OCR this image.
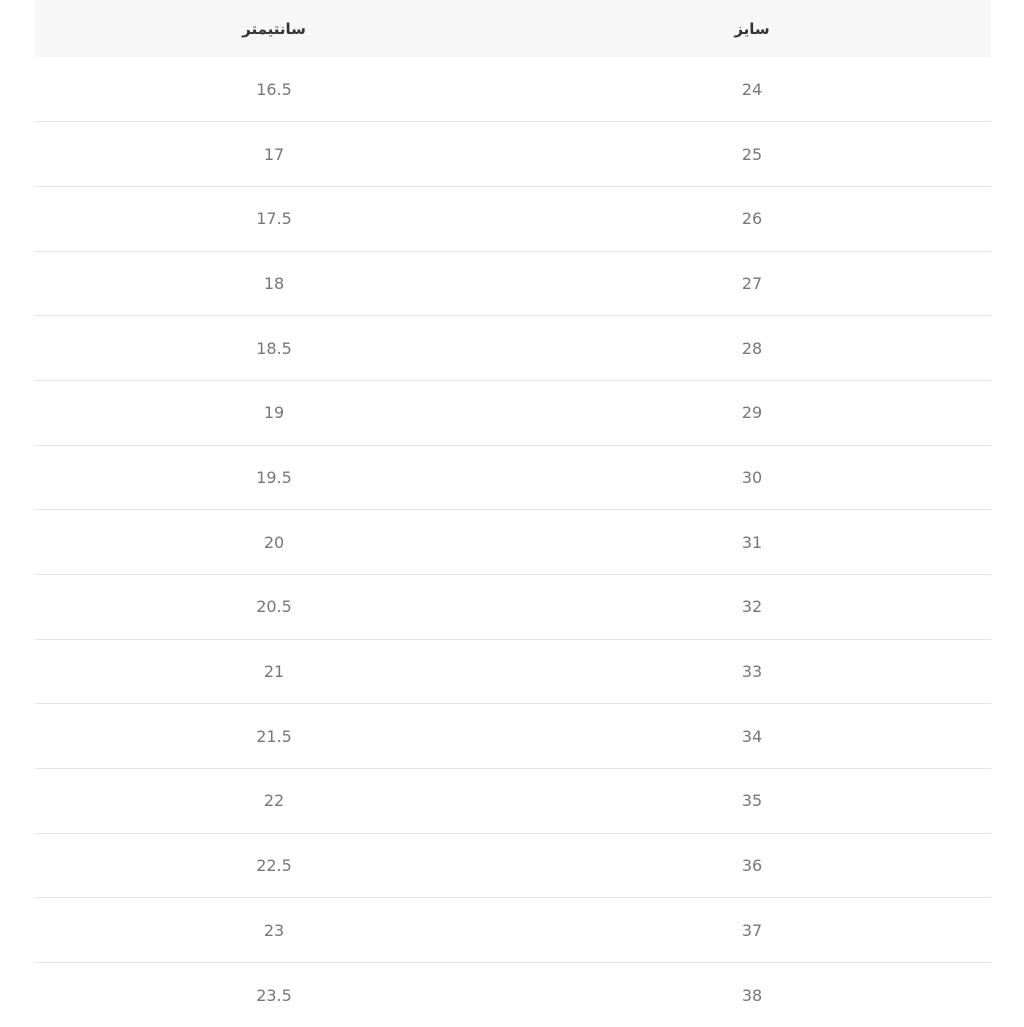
سایز	سانتیمتر
24	16.5
25	17
26	17.5
27	18
28	18.5
29	19
30	19.5
31	20
32	20.5
33	21
34	21.5
35	22
36	22.5
37	23
38	23.5
